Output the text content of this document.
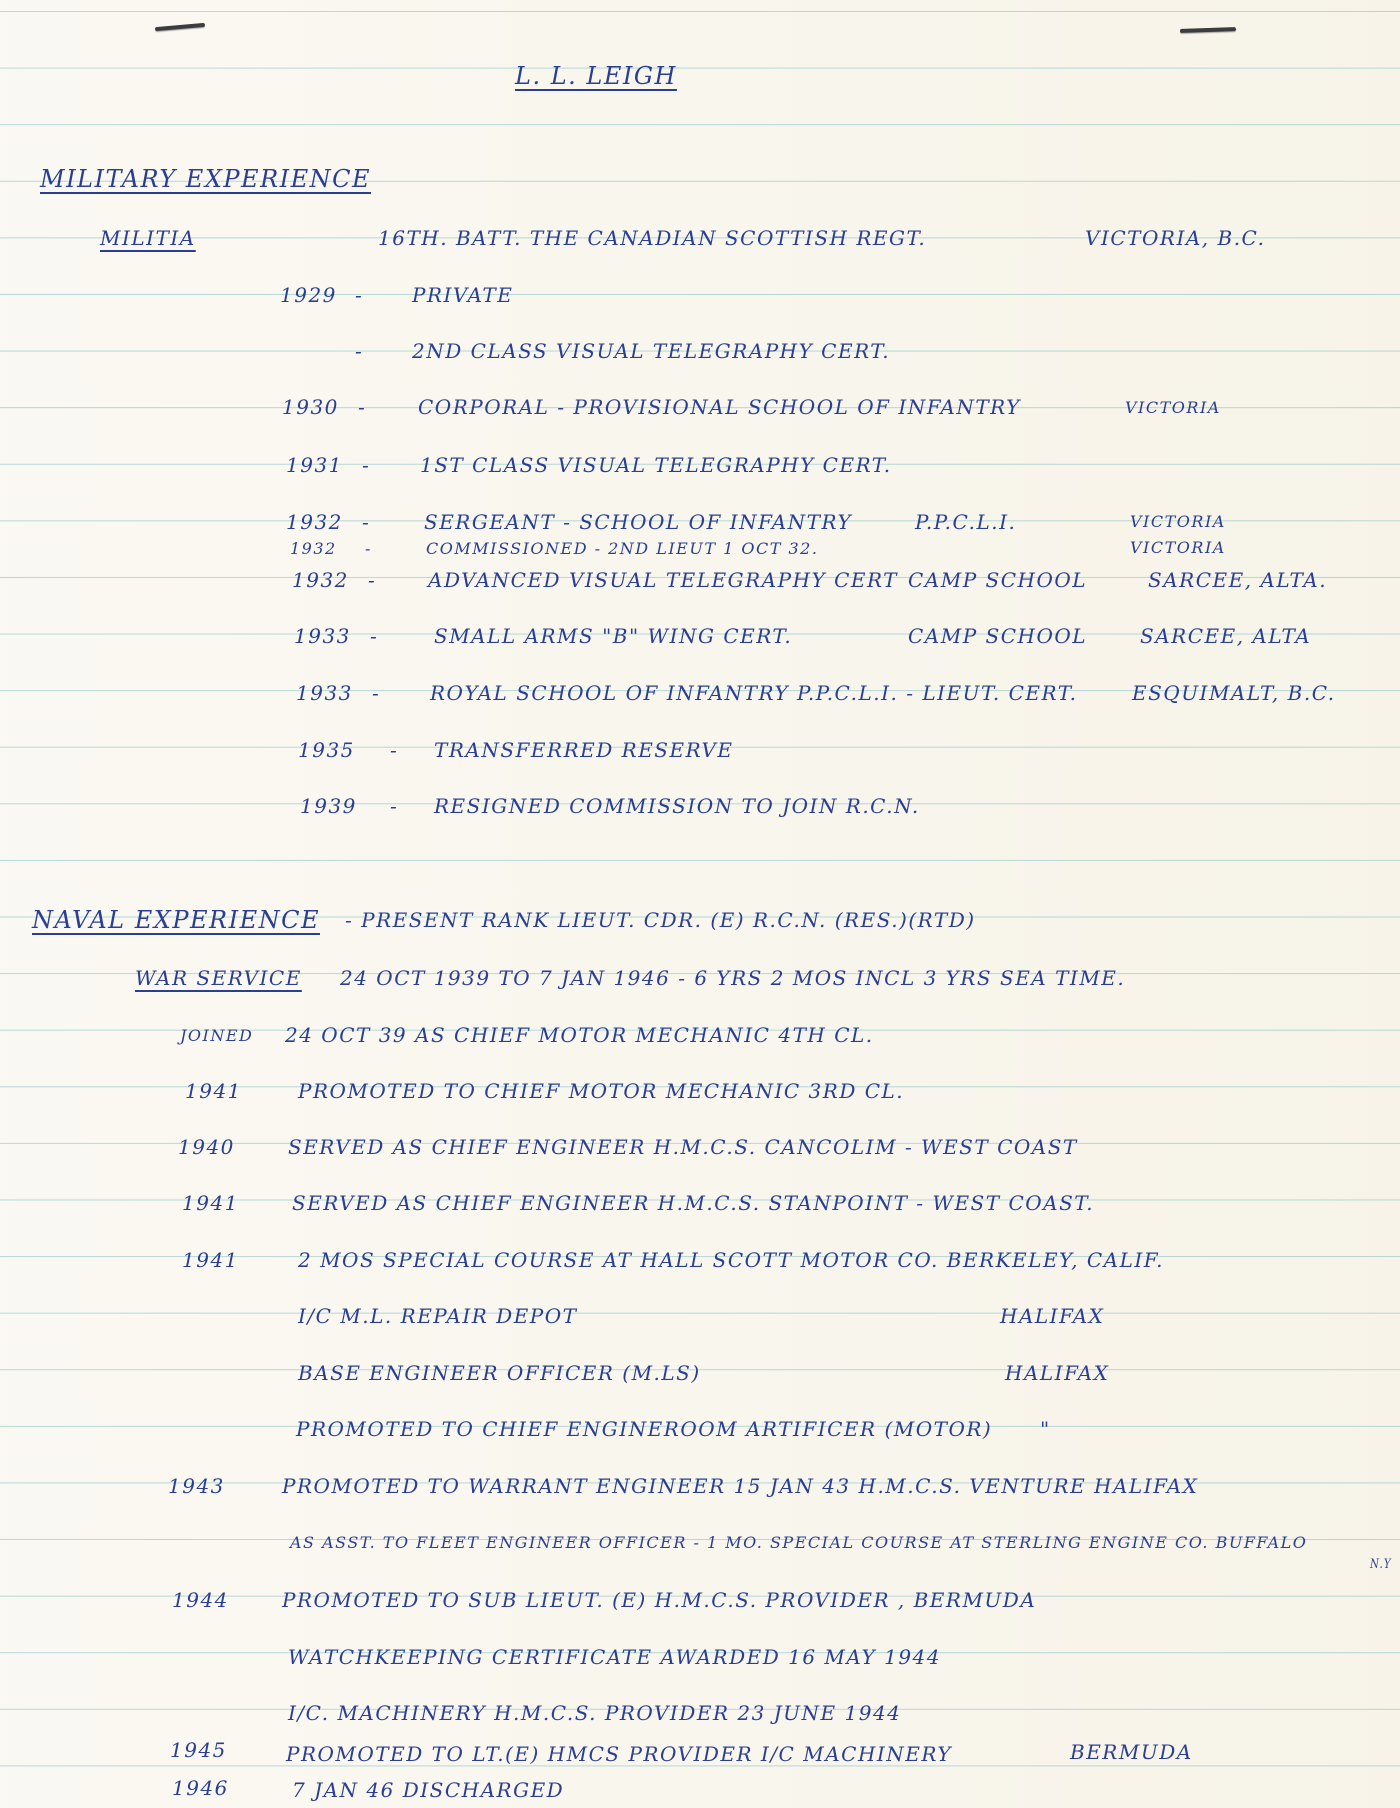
L. L. LEIGH
MILITARY EXPERIENCE
MILITIA	16TH. BATT. THE CANADIAN SCOTTISH REGT.	VICTORIA, B.C.
1929 - PRIVATE
- 2ND CLASS VISUAL TELEGRAPHY CERT.
1930 -	CORPORAL - PROVISIONAL SCHOOL OF INFANTRY	VICTORIA
1931 - 1ST CLASS VISUAL TELEGRAPHY CERT.
1932 -	SERGEANT - SCHOOL OF INFANTRY	P.P.C.L.I.	VICTORIA
1932 -	COMMISSIONED - 2ND LIEUT 1 OCT 32.	VICTORIA
1932 -	ADVANCED VISUAL TELEGRAPHY CERT CAMP SCHOOL	SARCEE, ALTA.
1933 -	SMALL ARMS "B" WING CERT.	CAMP SCHOOL	SARCEE, ALTA
1933 - ROYAL SCHOOL OF INFANTRY P.P.C.L.I. - LIEUT. CERT.	ESQUIMALT, B.C.
1935 - TRANSFERRED RESERVE
1939 - RESIGNED COMMISSION TO JOIN R.C.N.
NAVAL EXPERIENCE - PRESENT RANK LIEUT. CDR. (E) R.C.N. (RES.)(RTD)
WAR SERVICE 24 OCT 1939 TO 7 JAN 1946 - 6 YRS 2 MOS INCL 3 YRS SEA TIME.
JOINED 24 OCT 39 AS CHIEF MOTOR MECHANIC 4TH CL.
1941	PROMOTED TO CHIEF MOTOR MECHANIC 3RD CL.
1940	SERVED AS CHIEF ENGINEER H.M.C.S. CANCOLIM - WEST COAST
1941	SERVED AS CHIEF ENGINEER H.M.C.S. STANPOINT - WEST COAST.
1941	2 MOS SPECIAL COURSE AT HALL SCOTT MOTOR CO. BERKELEY, CALIF.
I/C M.L. REPAIR DEPOT	HALIFAX
BASE ENGINEER OFFICER (M.LS)	HALIFAX
PROMOTED TO CHIEF ENGINEROOM ARTIFICER (MOTOR) "
1943	PROMOTED TO WARRANT ENGINEER 15 JAN 43 H.M.C.S. VENTURE HALIFAX
AS ASST. TO FLEET ENGINEER OFFICER - 1 MO. SPECIAL COURSE AT STERLING ENGINE CO. BUFFALO
N.Y
1944	PROMOTED TO SUB LIEUT. (E) H.M.C.S. PROVIDER , BERMUDA
WATCHKEEPING CERTIFICATE AWARDED 16 MAY 1944
I/C. MACHINERY H.M.C.S. PROVIDER 23 JUNE 1944
1945	PROMOTED TO LT.(E) HMCS PROVIDER I/C MACHINERY	BERMUDA
1946	7 JAN 46 DISCHARGED
